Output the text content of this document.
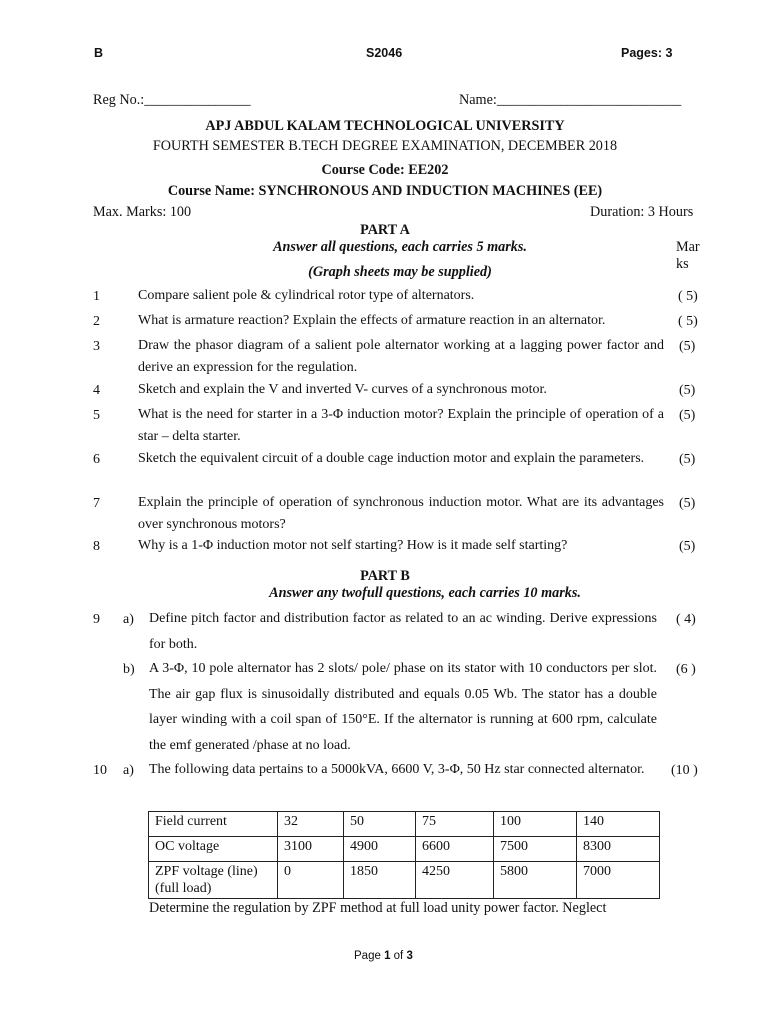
B	S2046	Pages: 3
Reg No.:_______________	Name:__________________________
APJ ABDUL KALAM TECHNOLOGICAL UNIVERSITY
FOURTH SEMESTER B.TECH DEGREE EXAMINATION, DECEMBER 2018
Course Code: EE202
Course Name: SYNCHRONOUS AND INDUCTION MACHINES (EE)
Max. Marks: 100	Duration: 3 Hours
PART A
Answer all questions, each carries 5 marks.
(Graph sheets may be supplied)
Mar ks
1	Compare salient pole & cylindrical rotor type of alternators.	( 5)
2	What is armature reaction? Explain the effects of armature reaction in an alternator.	( 5)
3	Draw the phasor diagram of a salient pole alternator working at a lagging power factor and derive an expression for the regulation.
(5)
4	Sketch and explain the V and inverted V- curves of a synchronous motor.	(5)
5	What is the need for starter in a 3-Φ induction motor? Explain the principle of operation of a star – delta starter.
(5)
6	Sketch the equivalent circuit of a double cage induction motor and explain the parameters.	(5)
7	Explain the principle of operation of synchronous induction motor. What are its advantages over synchronous motors?
(5)
8	Why is a 1-Φ induction motor not self starting? How is it made self starting?	(5)
PART B
Answer any twofull questions, each carries 10 marks.
9 a) Define pitch factor and distribution factor as related to an ac winding. Derive expressions for both.
( 4)
b) A 3-Φ, 10 pole alternator has 2 slots/ pole/ phase on its stator with 10 conductors per slot. The air gap flux is sinusoidally distributed and equals 0.05 Wb. The stator has a double layer winding with a coil span of 150°E. If the alternator is running at 600 rpm, calculate the emf generated /phase at no load.
(6 )
10 a) The following data pertains to a 5000kVA, 6600 V, 3-Φ, 50 Hz star connected alternator.	(10 )
Field current	32	50	75	100	140
OC voltage	3100	4900	6600	7500	8300
ZPF voltage (line) (full load)	0	1850	4250	5800	7000
Determine the regulation by ZPF method at full load unity power factor. Neglect
Page 1 of 3
